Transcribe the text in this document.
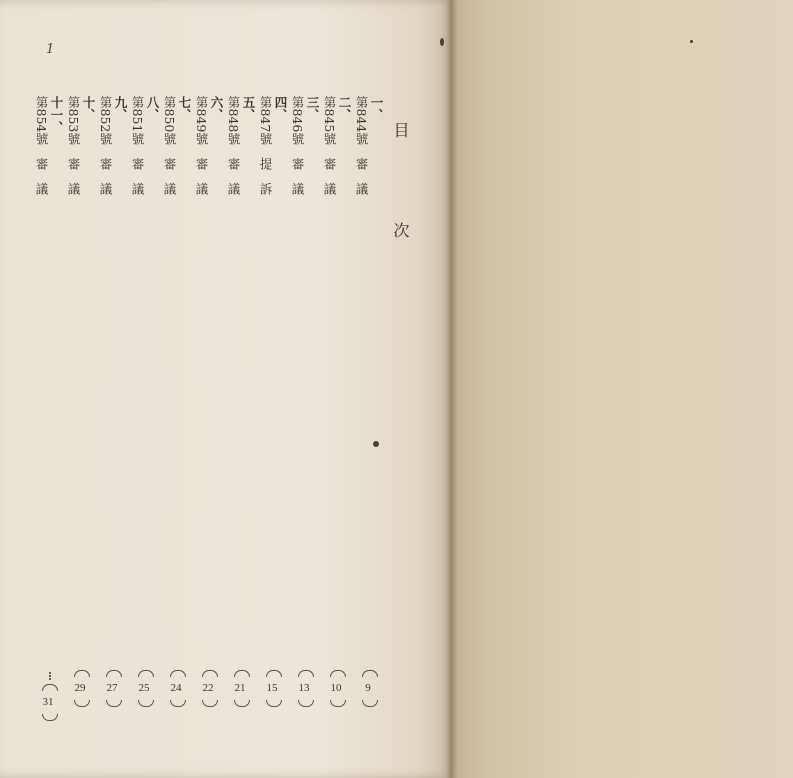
1
目　次
一、
第844號　審　議
9
二、
第845號　審　議
10
三、
第846號　審　議
13
四、
第847號　提　訴
15
五、
第848號　審　議
21
六、
第849號　審　議
22
七、
第850號　審　議
24
八、
第851號　審　議
25
九、
第852號　審　議
27
十、
第853號　審　議
29
十一、
第854號　審　議
31
